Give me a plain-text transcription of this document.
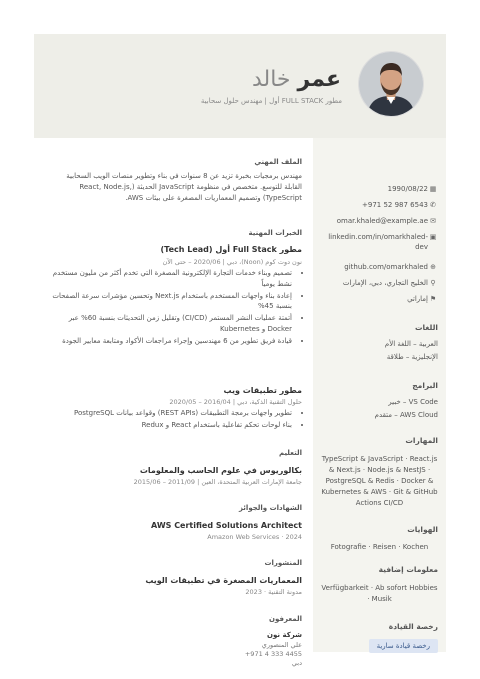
عمر خالد
مطور FULL STACK أول | مهندس حلول سحابية
▦
1990/08/22
✆
+971 52 987 6543
✉
omar.khaled@example.ae
▣
linkedin.com/in/omarkhaled-dev
⊕
github.com/omarkhaled
⚲
الخليج التجاري، دبي، الإمارات
⚑
إماراتي
اللغات
العربية – اللغة الأم
الإنجليزية – طلاقة
البرامج
VS Code – خبير
AWS Cloud – متقدم
المهارات
TypeScript & JavaScript · React.js & Next.js · Node.js & NestJS · PostgreSQL & Redis · Docker & Kubernetes & AWS · Git & GitHub Actions CI/CD
الهوايات
Fotografie · Reisen · Kochen
معلومات إضافية
Verfügbarkeit · Ab sofort Hobbies · Musik
رخصة القيادة
رخصة قيادة سارية
الملف المهني
مهندس برمجيات بخبرة تزيد عن 8 سنوات في بناء وتطوير منصات الويب السحابية القابلة للتوسع. متخصص في منظومة JavaScript الحديثة (React, Node.js, TypeScript) وتصميم المعماريات المصغرة على بيئات AWS.
الخبرات المهنية
مطور Full Stack أول (Tech Lead)
نون دوت كوم (Noon)، دبي | 2020/06 – حتى الآن
• تصميم وبناء خدمات التجارة الإلكترونية المصغرة التي تخدم أكثر من مليون مستخدم نشط يومياً
• إعادة بناء واجهات المستخدم باستخدام Next.js وتحسين مؤشرات سرعة الصفحات بنسبة 45%
• أتمتة عمليات النشر المستمر (CI/CD) وتقليل زمن التحديثات بنسبة 60% عبر Docker و Kubernetes
• قيادة فريق تطوير من 6 مهندسين وإجراء مراجعات الأكواد ومتابعة معايير الجودة
مطور تطبيقات ويب
حلول التقنية الذكية، دبي | 2016/04 – 2020/05
• تطوير واجهات برمجة التطبيقات (REST APIs) وقواعد بيانات PostgreSQL
• بناء لوحات تحكم تفاعلية باستخدام React و Redux
التعليم
بكالوريوس في علوم الحاسب والمعلومات
جامعة الإمارات العربية المتحدة، العين | 2011/09 – 2015/06
الشهادات والجوائز
AWS Certified Solutions Architect
Amazon Web Services · 2024
المنشورات
المعماريات المصغرة في تطبيقات الويب
مدونة التقنية · 2023
المعرفون
شركة نون
علي المنصوري
+971 4 333 4455
دبي
